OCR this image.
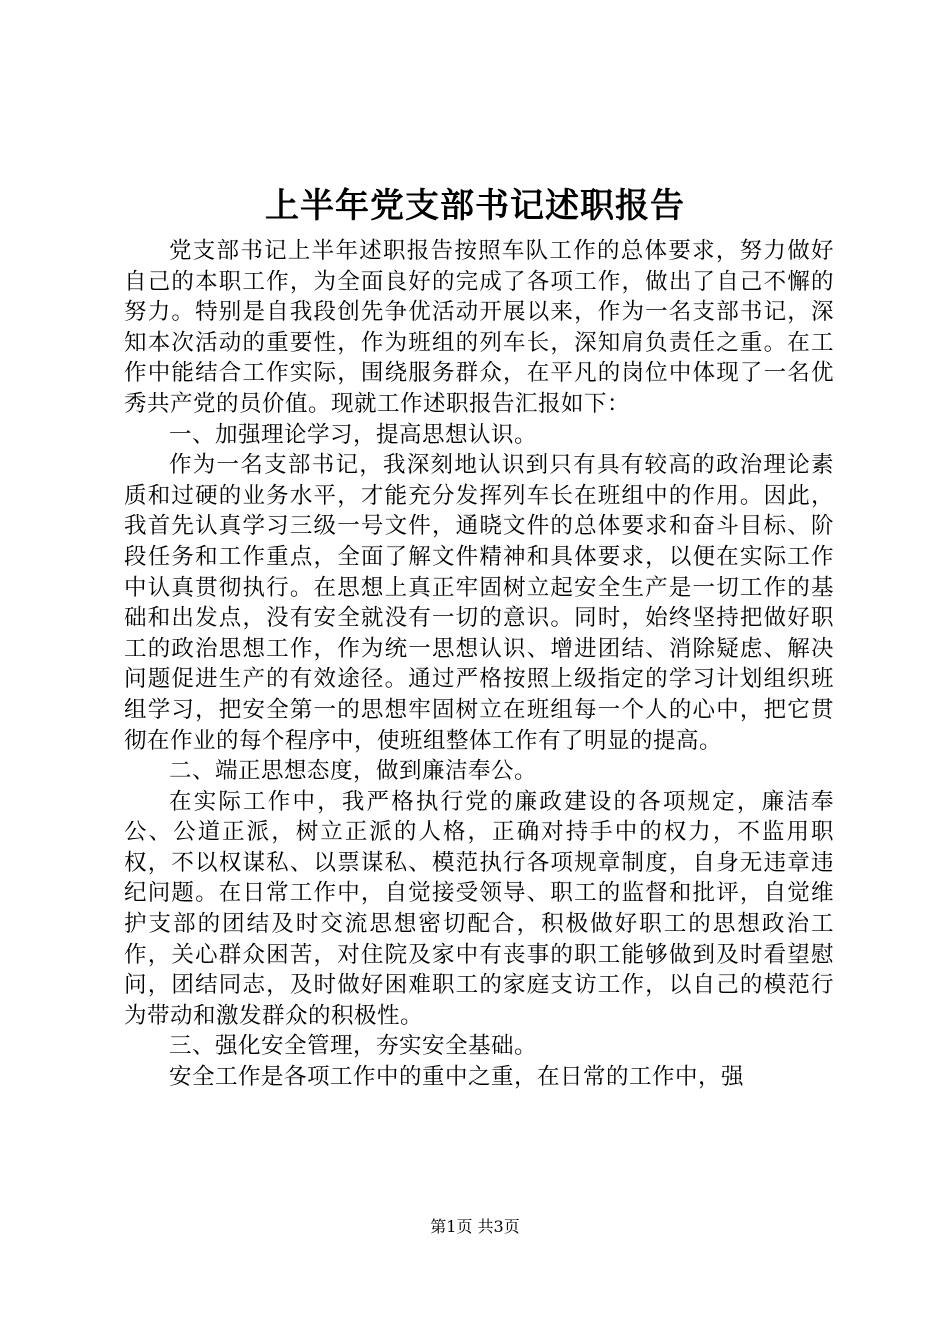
上半年党支部书记述职报告

党支部书记上半年述职报告按照车队工作的总体要求，努力做好自己的本职工作，为全面良好的完成了各项工作，做出了自己不懈的努力。特别是自我段创先争优活动开展以来，作为一名支部书记，深知本次活动的重要性，作为班组的列车长，深知肩负责任之重。在工作中能结合工作实际，围绕服务群众，在平凡的岗位中体现了一名优秀共产党的员价值。现就工作述职报告汇报如下：

一、加强理论学习，提高思想认识。

作为一名支部书记，我深刻地认识到只有具有较高的政治理论素质和过硬的业务水平，才能充分发挥列车长在班组中的作用。因此，我首先认真学习三级一号文件，通晓文件的总体要求和奋斗目标、阶段任务和工作重点，全面了解文件精神和具体要求，以便在实际工作中认真贯彻执行。在思想上真正牢固树立起安全生产是一切工作的基础和出发点，没有安全就没有一切的意识。同时，始终坚持把做好职工的政治思想工作，作为统一思想认识、增进团结、消除疑虑、解决问题促进生产的有效途径。通过严格按照上级指定的学习计划组织班组学习，把安全第一的思想牢固树立在班组每一个人的心中，把它贯彻在作业的每个程序中，使班组整体工作有了明显的提高。

二、端正思想态度，做到廉洁奉公。

在实际工作中，我严格执行党的廉政建设的各项规定，廉洁奉公、公道正派，树立正派的人格，正确对持手中的权力，不监用职权，不以权谋私、以票谋私、模范执行各项规章制度，自身无违章违纪问题。在日常工作中，自觉接受领导、职工的监督和批评，自觉维护支部的团结及时交流思想密切配合，积极做好职工的思想政治工作，关心群众困苦，对住院及家中有丧事的职工能够做到及时看望慰问，团结同志，及时做好困难职工的家庭支访工作，以自己的模范行为带动和激发群众的积极性。

三、强化安全管理，夯实安全基础。

安全工作是各项工作中的重中之重，在日常的工作中，强

第1页 共3页
